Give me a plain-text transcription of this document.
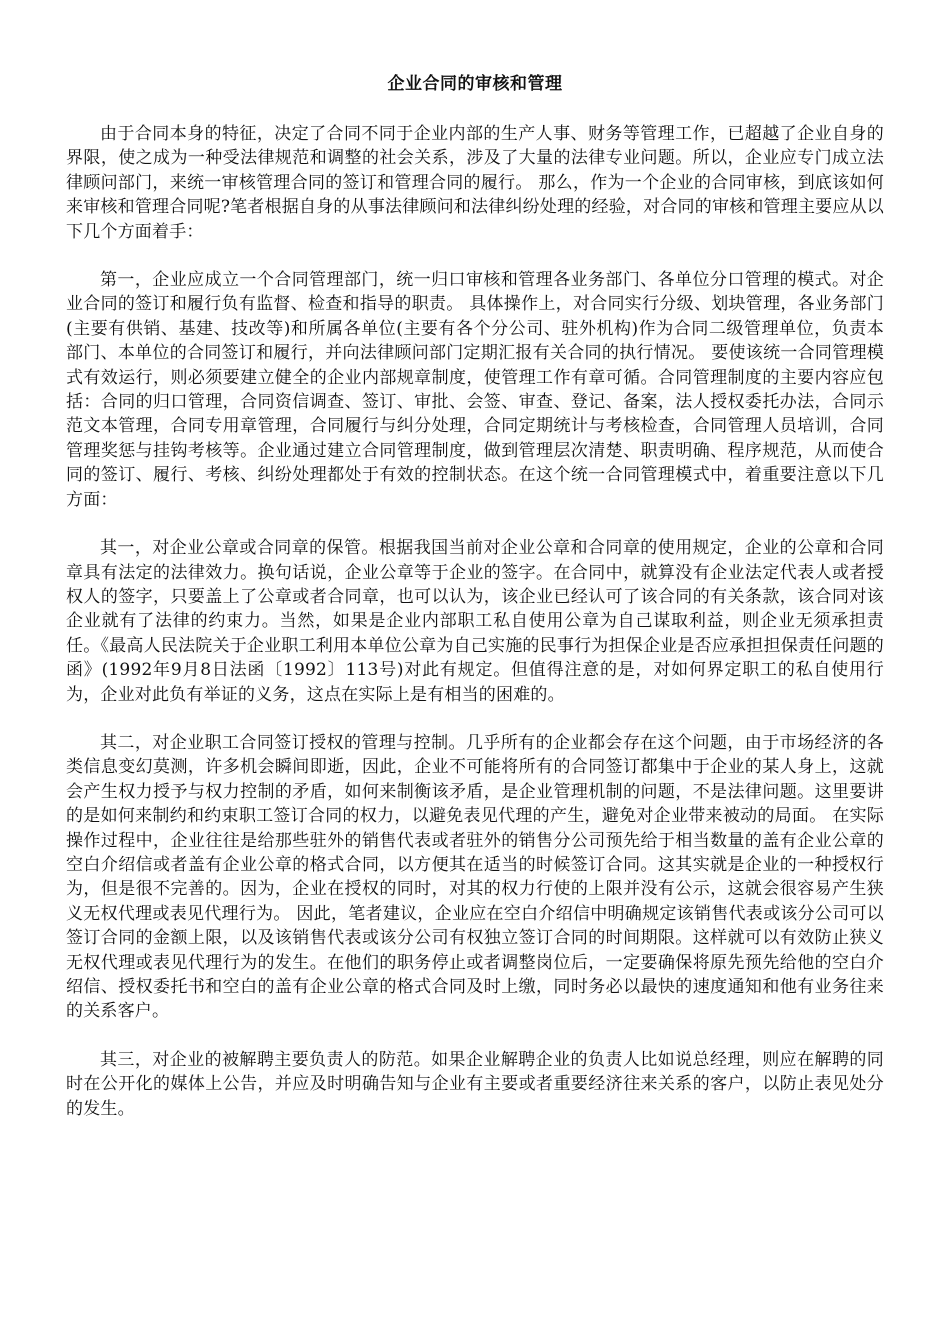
企业合同的审核和管理

由于合同本身的特征，决定了合同不同于企业内部的生产人事、财务等管理工作，已超越了企业自身的界限，使之成为一种受法律规范和调整的社会关系，涉及了大量的法律专业问题。所以，企业应专门成立法律顾问部门，来统一审核管理合同的签订和管理合同的履行。 那么，作为一个企业的合同审核，到底该如何来审核和管理合同呢?笔者根据自身的从事法律顾问和法律纠纷处理的经验，对合同的审核和管理主要应从以下几个方面着手：

第一，企业应成立一个合同管理部门，统一归口审核和管理各业务部门、各单位分口管理的模式。对企业合同的签订和履行负有监督、检查和指导的职责。 具体操作上，对合同实行分级、划块管理，各业务部门(主要有供销、基建、技改等)和所属各单位(主要有各个分公司、驻外机构)作为合同二级管理单位，负责本部门、本单位的合同签订和履行，并向法律顾问部门定期汇报有关合同的执行情况。 要使该统一合同管理模式有效运行，则必须要建立健全的企业内部规章制度，使管理工作有章可循。合同管理制度的主要内容应包括：合同的归口管理，合同资信调查、签订、审批、会签、审查、登记、备案，法人授权委托办法，合同示范文本管理，合同专用章管理，合同履行与纠分处理，合同定期统计与考核检查，合同管理人员培训，合同管理奖惩与挂钩考核等。企业通过建立合同管理制度，做到管理层次清楚、职责明确、程序规范，从而使合同的签订、履行、考核、纠纷处理都处于有效的控制状态。在这个统一合同管理模式中，着重要注意以下几方面：

其一，对企业公章或合同章的保管。根据我国当前对企业公章和合同章的使用规定，企业的公章和合同章具有法定的法律效力。换句话说，企业公章等于企业的签字。在合同中，就算没有企业法定代表人或者授权人的签字，只要盖上了公章或者合同章，也可以认为，该企业已经认可了该合同的有关条款，该合同对该企业就有了法律的约束力。当然，如果是企业内部职工私自使用公章为自己谋取利益，则企业无须承担责任。《最高人民法院关于企业职工利用本单位公章为自己实施的民事行为担保企业是否应承担担保责任问题的函》(1992年9月8日法函〔1992〕113号)对此有规定。但值得注意的是，对如何界定职工的私自使用行为，企业对此负有举证的义务，这点在实际上是有相当的困难的。

其二，对企业职工合同签订授权的管理与控制。几乎所有的企业都会存在这个问题，由于市场经济的各类信息变幻莫测，许多机会瞬间即逝，因此，企业不可能将所有的合同签订都集中于企业的某人身上，这就会产生权力授予与权力控制的矛盾，如何来制衡该矛盾，是企业管理机制的问题，不是法律问题。这里要讲的是如何来制约和约束职工签订合同的权力，以避免表见代理的产生，避免对企业带来被动的局面。 在实际操作过程中，企业往往是给那些驻外的销售代表或者驻外的销售分公司预先给于相当数量的盖有企业公章的空白介绍信或者盖有企业公章的格式合同，以方便其在适当的时候签订合同。这其实就是企业的一种授权行为，但是很不完善的。因为，企业在授权的同时，对其的权力行使的上限并没有公示，这就会很容易产生狭义无权代理或表见代理行为。 因此，笔者建议，企业应在空白介绍信中明确规定该销售代表或该分公司可以签订合同的金额上限，以及该销售代表或该分公司有权独立签订合同的时间期限。这样就可以有效防止狭义无权代理或表见代理行为的发生。在他们的职务停止或者调整岗位后，一定要确保将原先预先给他的空白介绍信、授权委托书和空白的盖有企业公章的格式合同及时上缴，同时务必以最快的速度通知和他有业务往来的关系客户。

其三，对企业的被解聘主要负责人的防范。如果企业解聘企业的负责人比如说总经理，则应在解聘的同时在公开化的媒体上公告，并应及时明确告知与企业有主要或者重要经济往来关系的客户，以防止表见处分的发生。
